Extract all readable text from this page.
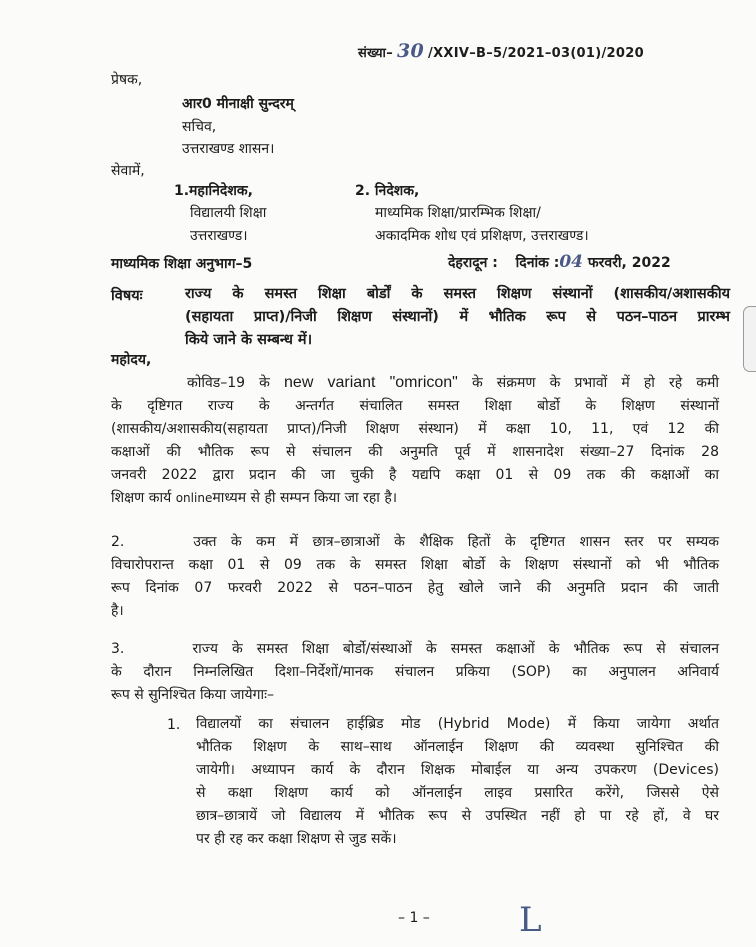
संख्या– 30 /XXIV–B–5/2021–03(01)/2020
प्रेषक,
आर0 मीनाक्षी सुन्दरम्
सचिव,
उत्तराखण्ड शासन।
सेवामें,
1.महानिदेशक,
विद्यालयी शिक्षा
उत्तराखण्ड।
2. निदेशक,
माध्यमिक शिक्षा/प्रारम्भिक शिक्षा/
अकादमिक शोध एवं प्रशिक्षण, उत्तराखण्ड।
माध्यमिक शिक्षा अनुभाग–5	देहरादून : दिनांक :04 फरवरी, 2022
विषयः	राज्य के समस्त शिक्षा बोर्डों के समस्त शिक्षण संस्थानों (शासकीय/अशासकीय
(सहायता प्राप्त)/निजी शिक्षण संस्थानों) में भौतिक रूप से पठन–पाठन प्रारम्भ
किये जाने के सम्बन्ध में।
महोदय,
कोविड–19 के new variant "omricon" के संक्रमण के प्रभावों में हो रहे कमी
के दृष्टिगत राज्य के अन्तर्गत संचालित समस्त शिक्षा बोर्डो के शिक्षण संस्थानों
(शासकीय/अशासकीय(सहायता प्राप्त)/निजी शिक्षण संस्थान) में कक्षा 10, 11, एवं 12 की
कक्षाओं की भौतिक रूप से संचालन की अनुमति पूर्व में शासनादेश संख्या–27 दिनांक 28
जनवरी 2022 द्वारा प्रदान की जा चुकी है यद्यपि कक्षा 01 से 09 तक की कक्षाओं का
शिक्षण कार्य onlineमाध्यम से ही सम्पन किया जा रहा है।
2.	उक्त के कम में छात्र–छात्राओं के शैक्षिक हितों के दृष्टिगत शासन स्तर पर सम्यक
विचारोपरान्त कक्षा 01 से 09 तक के समस्त शिक्षा बोर्डो के शिक्षण संस्थानों को भी भौतिक
रूप दिनांक 07 फरवरी 2022 से पठन–पाठन हेतु खोले जाने की अनुमति प्रदान की जाती
है।
3.	राज्य के समस्त शिक्षा बोर्डो/संस्थाओं के समस्त कक्षाओं के भौतिक रूप से संचालन
के दौरान निम्नलिखित दिशा–निर्देशों/मानक संचालन प्रकिया (SOP) का अनुपालन अनिवार्य
रूप से सुनिश्चित किया जायेगाः–
1. विद्यालयों का संचालन हाईब्रिड मोड (Hybrid Mode) में किया जायेगा अर्थात
भौतिक शिक्षण के साथ–साथ ऑनलाईन शिक्षण की व्यवस्था सुनिश्चित की
जायेगी। अध्यापन कार्य के दौरान शिक्षक मोबाईल या अन्य उपकरण (Devices)
से कक्षा शिक्षण कार्य को ऑनलाईन लाइव प्रसारित करेंगे, जिससे ऐसे
छात्र–छात्रायें जो विद्यालय में भौतिक रूप से उपस्थित नहीं हो पा रहे हों, वे घर
पर ही रह कर कक्षा शिक्षण से जुड सकें।
– 1 –	L
